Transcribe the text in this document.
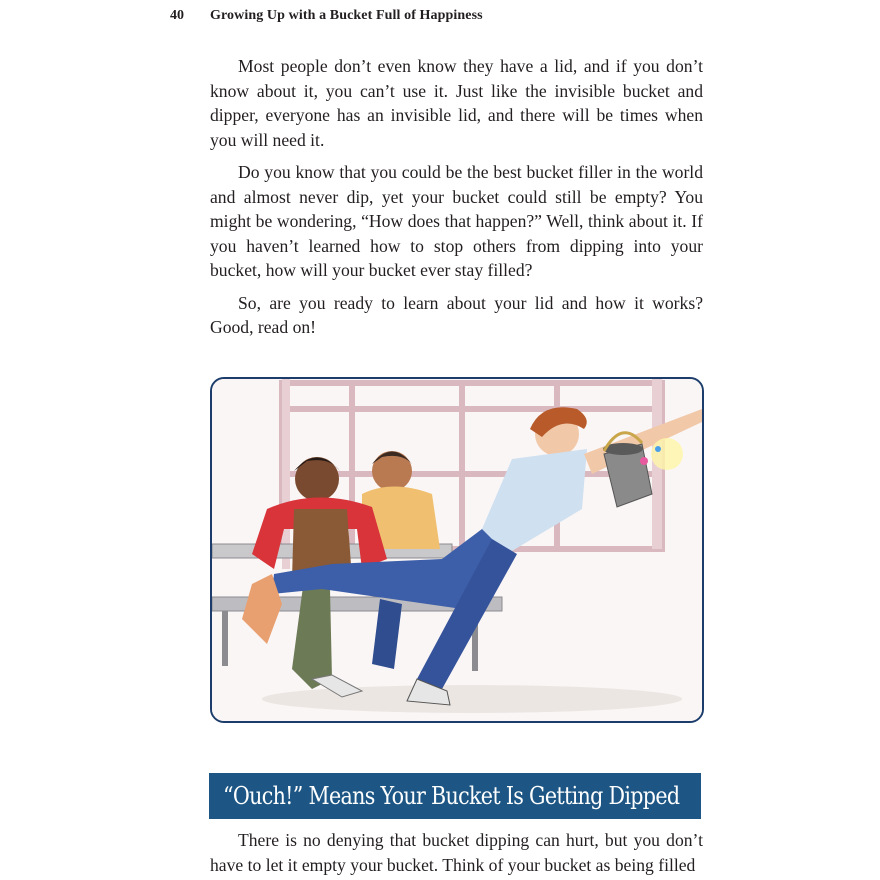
40 Growing Up with a Bucket Full of Happiness

Most people don’t even know they have a lid, and if you don’t know about it, you can’t use it. Just like the invisible bucket and dipper, everyone has an invisible lid, and there will be times when you will need it.

Do you know that you could be the best bucket filler in the world and almost never dip, yet your bucket could still be empty? You might be wondering, “How does that happen?” Well, think about it. If you haven’t learned how to stop others from dipping into your bucket, how will your bucket ever stay filled?

So, are you ready to learn about your lid and how it works? Good, read on!

“Ouch!” Means Your Bucket Is Getting Dipped

There is no denying that bucket dipping can hurt, but you don’t have to let it empty your bucket. Think of your bucket as being filled
